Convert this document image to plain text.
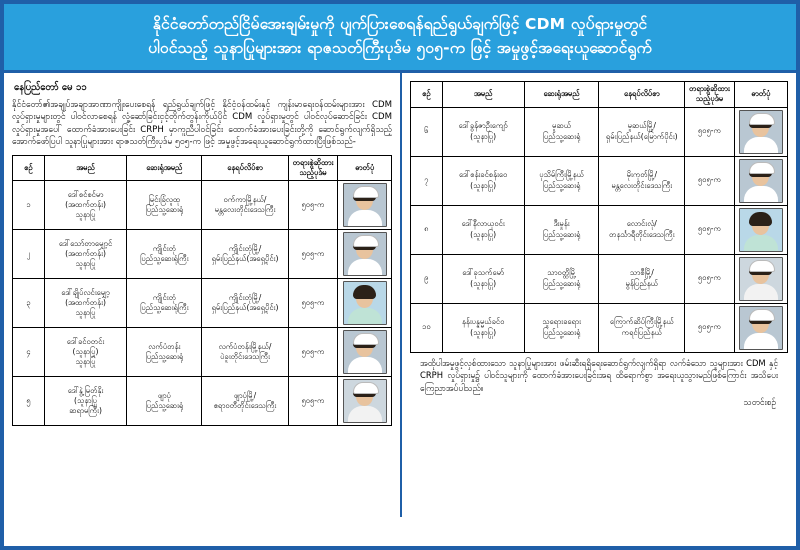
နိုင်ငံတော်တည်ငြိမ်အေးချမ်းမှုကို ပျက်ပြားစေရန်ရည်ရွယ်ချက်ဖြင့် CDM လှုပ်ရှားမှုတွင်
ပါဝင်သည့် သူနာပြုများအား ရာဇသတ်ကြီးပုဒ်မ ၅၀၅-က ဖြင့် အမှုဖွင့်အရေးယူဆောင်ရွက်
နေပြည်တော် မေ ၁၁

နိုင်ငံတော်၏အချုပ်အချာအာဏာကျိုးပေးစေရန် ရည်ရွယ်ချက်ဖြင့် နိုင်ငံ့ဝန်ထမ်းနှင့် ကျန်းမာရေးဝန်ထမ်းများအား CDM လှုပ်ရှားမှုများတွင် ပါဝင်လာစေရန် လှုံ့ဆော်ခြင်းငှင့်တိုက်တွန်းကိုယ်ပိုင် CDM လှုပ်ရှားမှုတွင် ပါဝင်လုပ်ဆောင်ခြင်း CDM လှုပ်ရှားမှုအပေါ် ထောက်ခံအားပေးခြင်း CRPH မှာကူညီပါဝင်ခြင်း ထောက်ခံအားပေးခြင်းတို့ကို ဆောင်ရွက်လျက်ရှိသည့် အောက်ဖော်ပြပါ သူနာပြုများအား ရာဇသတ်ကြီးပုဒ်မ ၅၀၅-က ဖြင့် အမှုဖွင့်အရေးယူဆောင်ရွက်ထားပြီးဖြစ်သည်-

စဉ်	အမည်	ဆေးရုံအမည်	နေရပ်လိပ်စာ	တရားစွဲဆိုထား သည့်ပုဒ်မ	ဓာတ်ပုံ
၁	ဒေါ်စင်စင်မာ
(အထက်တန်း)
သူနာပြု	မြင်းခြံလူထု
ပြည်သူ့ဆေးရုံ	ဝက်ကာမြို့နယ်/
မန္တလေးတိုင်းဒေသကြီး	၅၀၅-က	

၂	ဒေါ်သော်တာမျှော့င်
(အထက်တန်း)
သူနာပြု	ကျိုင်းတုံ
ပြည်သူ့ဆေးရုံကြီး	ကျိုင်းတုံမြို့/
ရှမ်းပြည်နယ်(အရှေ့ပိုင်း)	၅၀၅-က	

၃	ဒေါ်ချိုပ်လင်းမျှော့
(အထက်တန်း)
သူနာပြု	ကျိုင်းတုံ
ပြည်သူ့ဆေးရုံကြီး	ကျိုင်းတုံမြို့/
ရှမ်းပြည်နယ်(အရှေ့ပိုင်း)	၅၀၅-က	

၄	ဒေါ်ခင်ဝတင်း
(သူနာပြု)
သူနာပြု	လက်ပံတန်း
ပြည်သူ့ဆေးရုံ	လက်ပံတန်းမြို့နယ်/
ပဲခူးတိုင်းဒေသကြီး	၅၀၅-က	

၅	ဒေါ်နွဲ့မြတ်နိုး
(သူနာပြု
ဆရာမကြီး)	ဖျာပုံ
ပြည်သူ့ဆေးရုံ	ဖျာပုံမြို့/
ဧရာဝတီတိုင်းဒေသကြီး	၅၀၅-က	
စဉ်	အမည်	ဆေးရုံအမည်	နေရပ်လိပ်စာ	တရားစွဲဆိုထား သည့်ပုဒ်မ	ဓာတ်ပုံ
၆	ဒေါ်ခွန်ဇာဦးကျော်
(သူနာပြု)	မူဆယ်
ပြည်သူ့ဆေးရုံ	မူဆယ်မြို့/
ရှမ်းပြည်နယ်(မြောက်ပိုင်း)	၅၀၅-က	

၇	ဒေါ်စန်းခင်စန်းဝေ
(သူနာပြု)	ပုသိမ်ကြီးမြို့နယ်
ပြည်သူ့ဆေးရုံ	မိုးကုတ်မြို့/
မန္တလေးတိုင်းဒေသကြီး	၅၀၅-က	

၈	ဒေါ်နီလာယုဝင်း
(သူနာပြု)	ဒီးမှုန်း
ပြည်သူ့ဆေးရုံ	လောင်းလုံ/
တနင်္သာရီတိုင်းဒေသကြီး	၅၀၅-က	

၉	ဒေါ်ခုသက်မော်
(သူနာပြု)	သာဝတ္ထိမြို့
ပြည်သူ့ဆေးရုံ	သာစီမြို့/
မွန်ပြည်နယ်	၅၀၅-က	

၁၀	နန်းပန္နမ္မယ်ခင်ဝ
(သူနာပြု)	သူရေားခရေား
ပြည်သူ့ဆေးရုံ	ကြောက်ဆိပ်ကြီးမြို့နယ်
ကရင်ပြည်နယ်	၅၀၅-က	
အထိုပါအမှုဖွင့်လှစ်ထားသော သူနာပြုများအား ဖမ်းဆီးရရှိရေးဆောင်ရွက်လျက်ရှိရာ လက်ခံသော သူများအား CDM နှင့် CRPH လှုပ်ရှားမှု၌ ပါဝင်သူများကို ထောက်ခံအားပေးခြင်းအရ ထိရောက်စွာ အရေးယူသွားမည်ဖြစ်ကြောင်း အသိပေး ကြေညာအပ်ပါသည်။
သတင်းစဉ်
